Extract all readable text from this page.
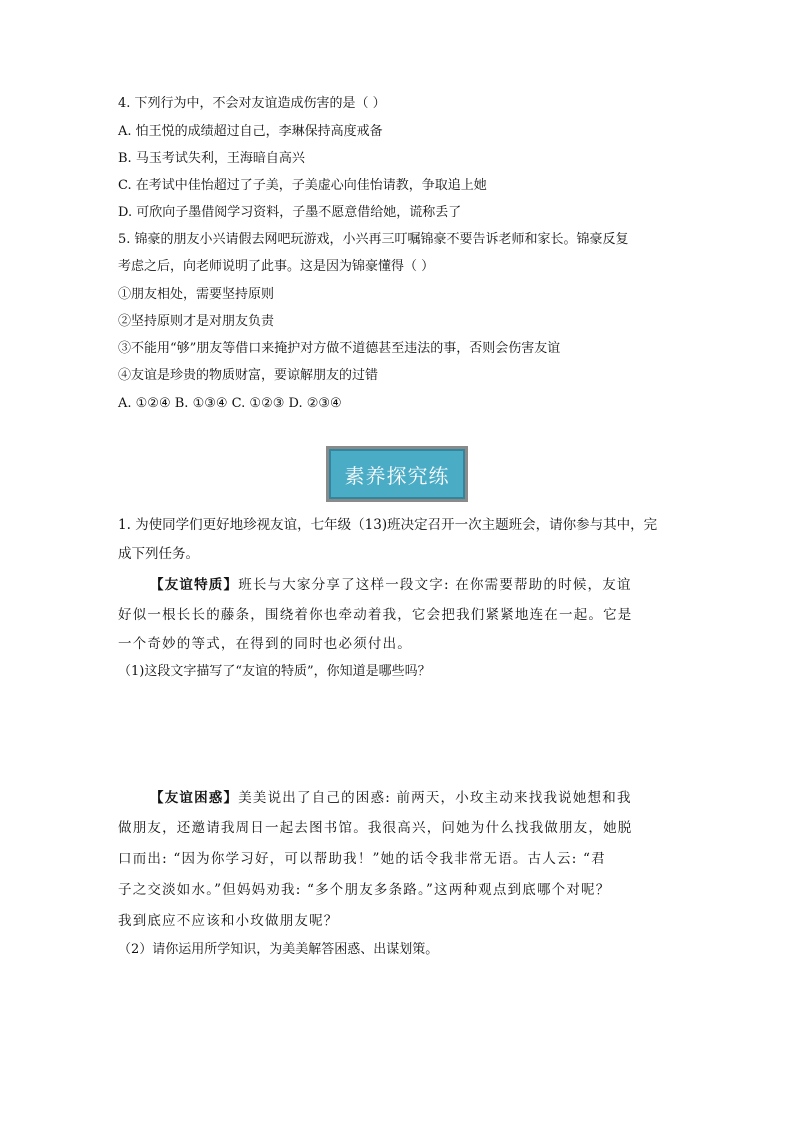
4. 下列行为中，不会对友谊造成伤害的是（ ）
A. 怕王悦的成绩超过自己，李琳保持高度戒备
B. 马玉考试失利，王海暗自高兴
C. 在考试中佳怡超过了子美，子美虚心向佳怡请教，争取追上她
D. 可欣向子墨借阅学习资料，子墨不愿意借给她，谎称丢了
5. 锦豪的朋友小兴请假去网吧玩游戏，小兴再三叮嘱锦豪不要告诉老师和家长。锦豪反复
考虑之后，向老师说明了此事。这是因为锦豪懂得（ ）
①朋友相处，需要坚持原则
②坚持原则才是对朋友负责
③不能用“够”朋友等借口来掩护对方做不道德甚至违法的事，否则会伤害友谊
④友谊是珍贵的物质财富，要谅解朋友的过错
A. ①②④ B. ①③④ C. ①②③ D. ②③④
素养探究练
1. 为使同学们更好地珍视友谊，七年级（13)班决定召开一次主题班会，请你参与其中，完
成下列任务。
【友谊特质】班长与大家分享了这样一段文字: 在你需要帮助的时候，友谊
好似一根长长的藤条，围绕着你也牵动着我，它会把我们紧紧地连在一起。它是
一个奇妙的等式，在得到的同时也必须付出。
（1)这段文字描写了“友谊的特质”，你知道是哪些吗？
【友谊困惑】美美说出了自己的困惑: 前两天，小玫主动来找我说她想和我
做朋友，还邀请我周日一起去图书馆。我很高兴，问她为什么找我做朋友，她脱
口而出: “因为你学习好，可以帮助我！”她的话令我非常无语。古人云: “君
子之交淡如水。”但妈妈劝我: “多个朋友多条路。”这两种观点到底哪个对呢？
我到底应不应该和小玫做朋友呢？
（2）请你运用所学知识，为美美解答困惑、出谋划策。
